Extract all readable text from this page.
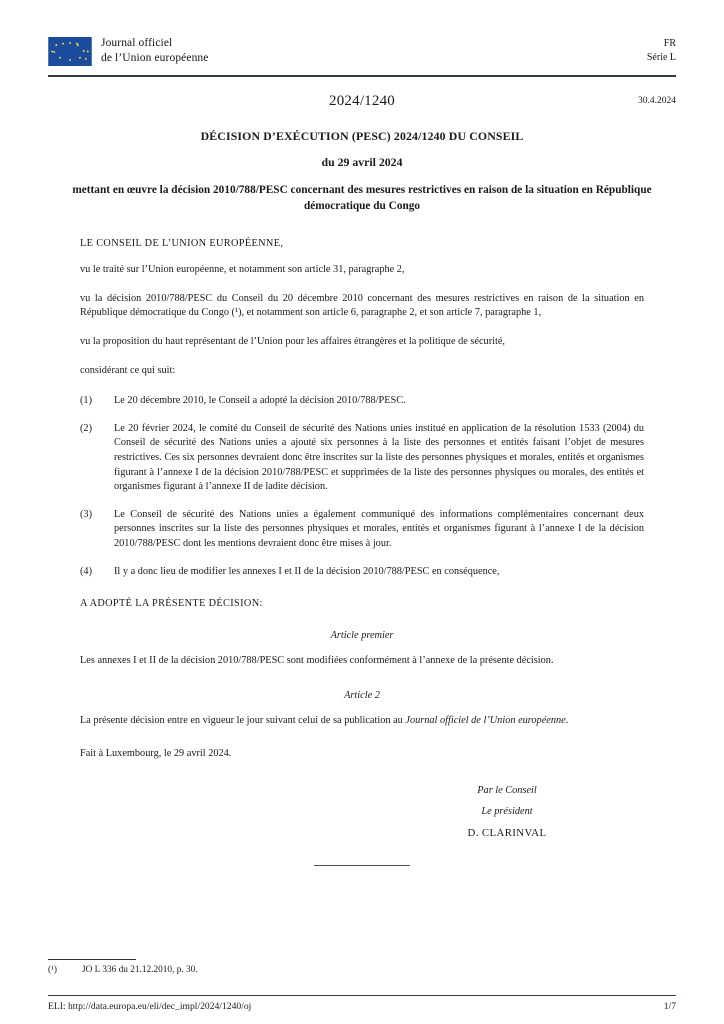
Journal officiel
de l’Union européenne
FR
Série L
2024/1240	30.4.2024
DÉCISION D’EXÉCUTION (PESC) 2024/1240 DU CONSEIL
du 29 avril 2024
mettant en œuvre la décision 2010/788/PESC concernant des mesures restrictives en raison de la situation en République démocratique du Congo
LE CONSEIL DE L’UNION EUROPÉENNE,
vu le traité sur l’Union européenne, et notamment son article 31, paragraphe 2,
vu la décision 2010/788/PESC du Conseil du 20 décembre 2010 concernant des mesures restrictives en raison de la situation en République démocratique du Congo (¹), et notamment son article 6, paragraphe 2, et son article 7, paragraphe 1,
vu la proposition du haut représentant de l’Union pour les affaires étrangères et la politique de sécurité,
considérant ce qui suit:
(1)	Le 20 décembre 2010, le Conseil a adopté la décision 2010/788/PESC.
(2)	Le 20 février 2024, le comité du Conseil de sécurité des Nations unies institué en application de la résolution 1533 (2004) du Conseil de sécurité des Nations unies a ajouté six personnes à la liste des personnes et entités faisant l’objet de mesures restrictives. Ces six personnes devraient donc être inscrites sur la liste des personnes physiques et morales, entités et organismes figurant à l’annexe I de la décision 2010/788/PESC et supprimées de la liste des personnes physiques ou morales, des entités et organismes figurant à l’annexe II de ladite décision.
(3)	Le Conseil de sécurité des Nations unies a également communiqué des informations complémentaires concernant deux personnes inscrites sur la liste des personnes physiques et morales, entités et organismes figurant à l’annexe I de la décision 2010/788/PESC dont les mentions devraient donc être mises à jour.
(4)	Il y a donc lieu de modifier les annexes I et II de la décision 2010/788/PESC en conséquence,
A ADOPTÉ LA PRÉSENTE DÉCISION:
Article premier
Les annexes I et II de la décision 2010/788/PESC sont modifiées conformément à l’annexe de la présente décision.
Article 2
La présente décision entre en vigueur le jour suivant celui de sa publication au Journal officiel de l’Union européenne.
Fait à Luxembourg, le 29 avril 2024.
Par le Conseil
Le président
D. CLARINVAL
(¹)	JO L 336 du 21.12.2010, p. 30.
ELI: http://data.europa.eu/eli/dec_impl/2024/1240/oj	1/7
